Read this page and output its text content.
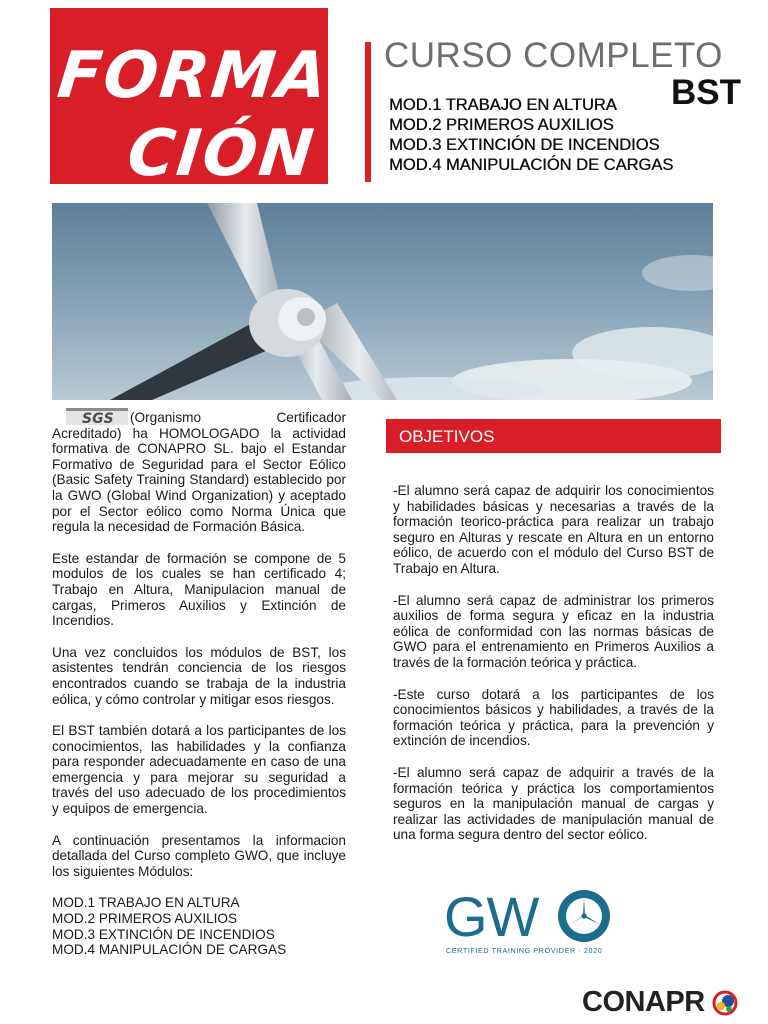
FORMA
CIÓN
CURSO COMPLETO
BST
MOD.1 TRABAJO EN ALTURA
MOD.2 PRIMEROS AUXILIOS
MOD.3 EXTINCIÓN DE INCENDIOS
MOD.4 MANIPULACIÓN DE CARGAS

SGS (Organismo Certificador Acreditado) ha HOMOLOGADO la actividad formativa de CONAPRO SL. bajo el Estandar Formativo de Seguridad para el Sector Eólico (Basic Safety Training Standard) establecido por la GWO (Global Wind Organization) y aceptado por el Sector eólico como Norma Única que regula la necesidad de Formación Básica.

Este estandar de formación se compone de 5 modulos de los cuales se han certificado 4; Trabajo en Altura, Manipulacion manual de cargas, Primeros Auxilios y Extinción de Incendios.

Una vez concluidos los módulos de BST, los asistentes tendrán conciencia de los riesgos encontrados cuando se trabaja de la industria eólica, y cómo controlar y mitigar esos riesgos.

El BST también dotará a los participantes de los conocimientos, las habilidades y la confianza para responder adecuadamente en caso de una emergencia y para mejorar su seguridad a través del uso adecuado de los procedimientos y equipos de emergencia.

A continuación presentamos la informacion detallada del Curso completo GWO, que incluye los siguientes Módulos:

MOD.1 TRABAJO EN ALTURA
MOD.2 PRIMEROS AUXILIOS
MOD.3 EXTINCIÓN DE INCENDIOS
MOD.4 MANIPULACIÓN DE CARGAS
OBJETIVOS

-El alumno será capaz de adquirir los conocimientos y habilidades básicas y necesarias a través de la formación teorico-práctica para realizar un trabajo seguro en Alturas y rescate en Altura en un entorno eólico, de acuerdo con el módulo del Curso BST de Trabajo en Altura.

-El alumno será capaz de administrar los primeros auxilios de forma segura y eficaz en la industria eólica de conformidad con las normas básicas de GWO para el entrenamiento en Primeros Auxilios a través de la formación teórica y práctica.

-Este curso dotará a los participantes de los conocimientos básicos y habilidades, a través de la formación teórica y práctica, para la prevención y extinción de incendios.

-El alumno será capaz de adquirir a través de la formación teórica y práctica los comportamientos seguros en la manipulación manual de cargas y realizar las actividades de manipulación manual de una forma segura dentro del sector eólico.

GW
CERTIFIED TRAINING PROVIDER · 2020
CONAPR
